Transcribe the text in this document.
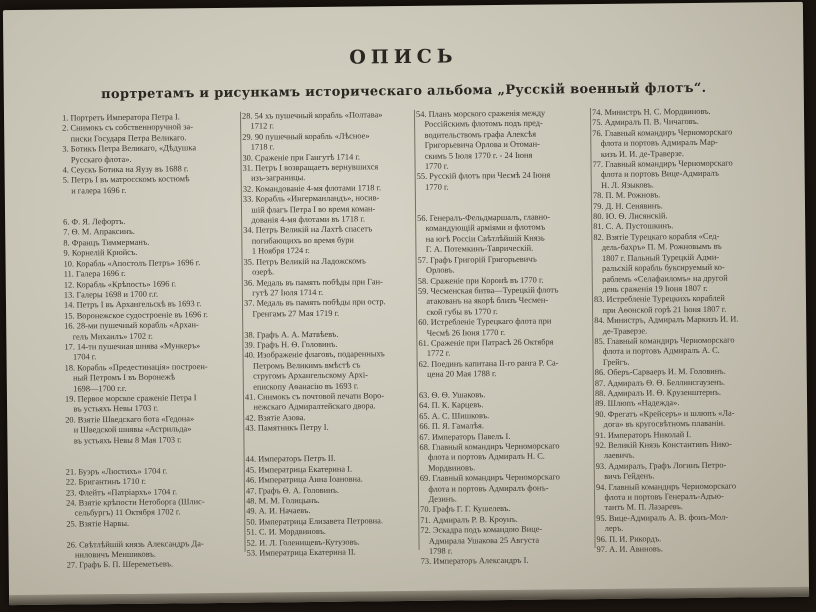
ОПИСЬ
портретамъ и рисункамъ историческаго альбома „Русскій военный флотъ“.
1. Портретъ Императора Петра I.
2. Снимокъ съ собственноручной за-
писки Государя Петра Великаго.
3. Ботикъ Петра Великаго, «Дѣдушка
Русскаго флота».
4. Сеускъ Ботика на Яузу въ 1688 г.
5. Петръ I въ матросскомъ костюмѣ
и галера 1696 г.

6. Ф. Я. Лефортъ.
7. Ѳ. М. Апраксинъ.
8. Францъ Тиммерманъ.
9. Корнелій Крюйсъ.
10. Корабль «Апостолъ Петръ» 1696 г.
11. Галера 1696 г.
12. Корабль «Крѣпость» 1696 г.
13. Галеры 1698 и 1700 г.г.
14. Петръ I въ Архангельскѣ въ 1693 г.
15. Воронежское судостроеніе въ 1696 г.
16. 28-ми пушечный корабль «Архан-
гелъ Михаилъ» 1702 г.
17. 14-ти пушечная шнява «Мункеръ»
1704 г.
18. Корабль «Предестинація» построен-
ный Петромъ I въ Воронежѣ
1698—1700 г.г.
19. Первое морское сраженіе Петра I
въ устьяхъ Невы 1703 г.
20. Взятіе Шведскаго бота «Гедона»
и Шведской шнявы «Астрильда»
въ устьяхъ Невы 8 Мая 1703 г.

21. Буэръ «Люстихъ» 1704 г.
22. Бригантинъ 1710 г.
23. Флейтъ «Патріархъ» 1704 г.
24. Взятіе крѣпости Нетоборга (Шлис-
сельбургъ) 11 Октября 1702 г.
25. Взятіе Нарвы.

26. Свѣтлѣйшій князь Александръ Да-
ниловичъ Меншиковъ.
27. Графъ Б. П. Шереметьевъ.
28. 54 хъ пушечный корабль «Полтава»
1712 г.
29. 90 пушечный корабль «Лѣсное»
1718 г.
30. Сраженіе при Гангутѣ 1714 г.
31. Петръ I возвращаетъ вернувшихся
изъ-заграницы.
32. Командованіе 4-мя флотами 1718 г.
33. Корабль «Ингерманландъ», носив-
шій флагъ Петра I во время коман-
дованія 4-мя флотами въ 1718 г.
34. Петръ Великій на Лахтѣ спасетъ
погибающихъ во время бури
1 Ноября 1724 г.
35. Петръ Великій на Ладожскомъ
озерѣ.
36. Медаль въ память побѣды при Ган-
гутѣ 27 Іюля 1714 г.
37. Медаль въ память побѣды при остр.
Гренгамъ 27 Мая 1719 г.

38. Графъ А. А. Матвѣевъ.
39. Графъ Н. Ѳ. Головинъ.
40. Изображеніе флаговъ, подаренныхъ
Петромъ Великимъ вмѣстѣ съ
стругомъ Архангельскому Архі-
епископу Аѳанасію въ 1693 г.
41. Снимокъ съ почтовой печати Воро-
нежскаго Адмиралтейскаго двора.
42. Взятіе Азова.
43. Памятникъ Петру I.

44. Императоръ Петръ II.
45. Императрица Екатерина I.
46. Императрица Анна Іоановна.
47. Графъ Ѳ. А. Головинъ.
48. М. М. Голицынъ.
49. А. И. Начаевъ.
50. Императрица Елизавета Петровна.
51. С. И. Мордвиновъ.
52. И. Л. Голенищевъ-Кутузовъ.
53. Императрица Екатерина II.
54. Планъ морского сраженія между
Россійскимъ флотомъ подъ пред-
водительствомъ графа Алексѣя
Григорьевича Орлова и Отоман-
скимъ 5 Іюля 1770 г. - 24 Іюня
1770 г.
55. Русскій флотъ при Чесмѣ 24 Іюня
1770 г.

56. Генералъ-Фельдмаршалъ, главно-
командующій арміями и флотомъ
на югѣ Россіи Свѣтлѣйшій Князь
Г. А. Потемкинъ-Таврическій.
57. Графъ Григорій Григорьевичъ
Орловъ.
58. Сраженіе при Коронѣ въ 1770 г.
59. Чесменская битва—Турецкій флотъ
атакованъ на якорѣ близъ Чесмен-
ской губы въ 1770 г.
60. Истребленіе Турецкаго флота при
Чесмѣ 26 Іюня 1770 г.
61. Сраженіе при Патрасѣ 26 Октября
1772 г.
62. Поединъ капитана II-го ранга Р. Са-
цена 20 Мая 1788 г.

63. Ѳ. Ѳ. Ушаковъ.
64. П. К. Карцевъ.
65. А. С. Шишковъ.
66. П. Я. Гамалѣя.
67. Императоръ Павелъ I.
68. Главный командиръ Черноморскаго
флота и портовъ Адмиралъ Н. С.
Мордвиновъ.
69. Главный командиръ Черноморскаго
флота и портовъ Адмиралъ фонъ-
Дезинъ.
70. Графъ Г. Г. Кушелевъ.
71. Адмиралъ Р. В. Кроунъ.
72. Эскадра подъ командою Вице-
Адмирала Ушакова 25 Августа
1798 г.
73. Императоръ Александръ I.
74. Министръ Н. С. Мордвиновъ.
75. Адмиралъ П. В. Чичаговъ.
76. Главный командиръ Черноморскаго
флота и портовъ Адмиралъ Мар-
кизъ И. И. де-Траверзе.
77. Главный командиръ Черноморскаго
флота и портовъ Вице-Адмиралъ
Н. Л. Языковъ.
78. П. М. Рожновъ.
79. Д. Н. Сенявинъ.
80. Ю. Ѳ. Лисянскій.
81. С. А. Пустошкинъ.
82. Взятіе Турецкаго корабля «Сед-
дель-бахръ» П. М. Рожновымъ въ
1807 г. Пальный Турецкій Адми-
ральскій корабль буксируемый ко-
раблемъ «Селафаиломъ» на другой
день сраженія 19 Іюня 1807 г.
83. Истребленіе Турецкихъ кораблей
при Аѳонской горѣ 21 Іюня 1807 г.
84. Министръ, Адмиралъ Маркизъ И. И.
де-Траверзе.
85. Главный командиръ Черноморскаго
флота и портовъ Адмиралъ А. С.
Грейгъ.
86. Оберъ-Сарваеръ И. М. Головинъ.
87. Адмиралъ Ѳ. Ѳ. Беллинсгаузенъ.
88. Адмиралъ И. Ѳ. Крузенштернъ.
89. Шлюпъ «Надежда».
90. Фрегатъ «Крейсеръ» и шлюпъ «Ла-
дога» въ кругосвѣтномъ плаваніи.
91. Императоръ Николай I.
92. Великій Князь Константинъ Нико-
лаевичъ.
93. Адмиралъ, Графъ Логинъ Петро-
вичъ Гейденъ.
94. Главный командиръ Черноморскаго
флота и портовъ Генералъ-Адъю-
тантъ М. П. Лазаревъ.
95. Вице-Адмиралъ А. В. фонъ-Мол-
леръ.
96. П. И. Рикордъ.
97. А. И. Авиновъ.
